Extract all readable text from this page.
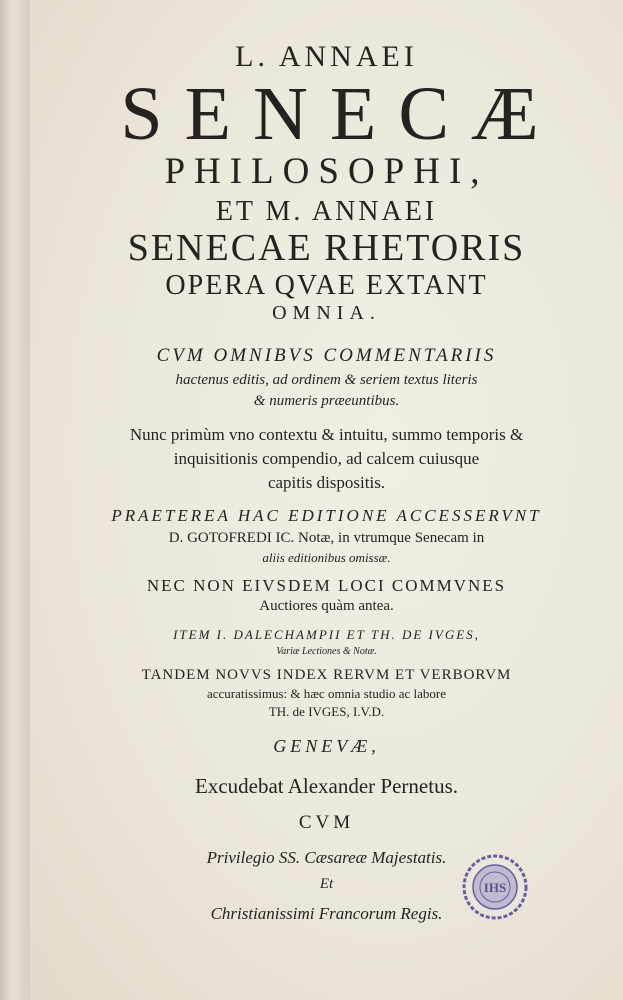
L. ANNAEI
SENECÆ
PHILOSOPHI,
ET M. ANNAEI
SENECAE RHETORIS
OPERA QVAE EXTANT
OMNIA.
CVM OMNIBVS COMMENTARIIS
hactenus editis, ad ordinem & seriem textus literis
& numeris præeuntibus.
Nunc primùm vno contextu & intuitu, summo temporis &
inquisitionis compendio, ad calcem cuiusque
capitis dispositis.
PRAETEREA HAC EDITIONE ACCESSERVNT
D. GOTOFREDI IC. Notæ, in vtrumque Senecam in
aliis editionibus omissæ.
NEC NON EIVSDEM LOCI COMMVNES
Auctiores quàm antea.
ITEM I. DALECHAMPII ET TH. DE IVGES,
Variæ Lectiones & Notæ.
TANDEM NOVVS INDEX RERVM ET VERBORVM
accuratissimus: & hæc omnia studio ac labore
TH. de IVGES, I.V.D.
GENEVÆ,
Excudebat Alexander Pernetus.
CVM
Privilegio SS. Cæsareæ Majestatis.
Et
Christianissimi Francorum Regis.
IHS
